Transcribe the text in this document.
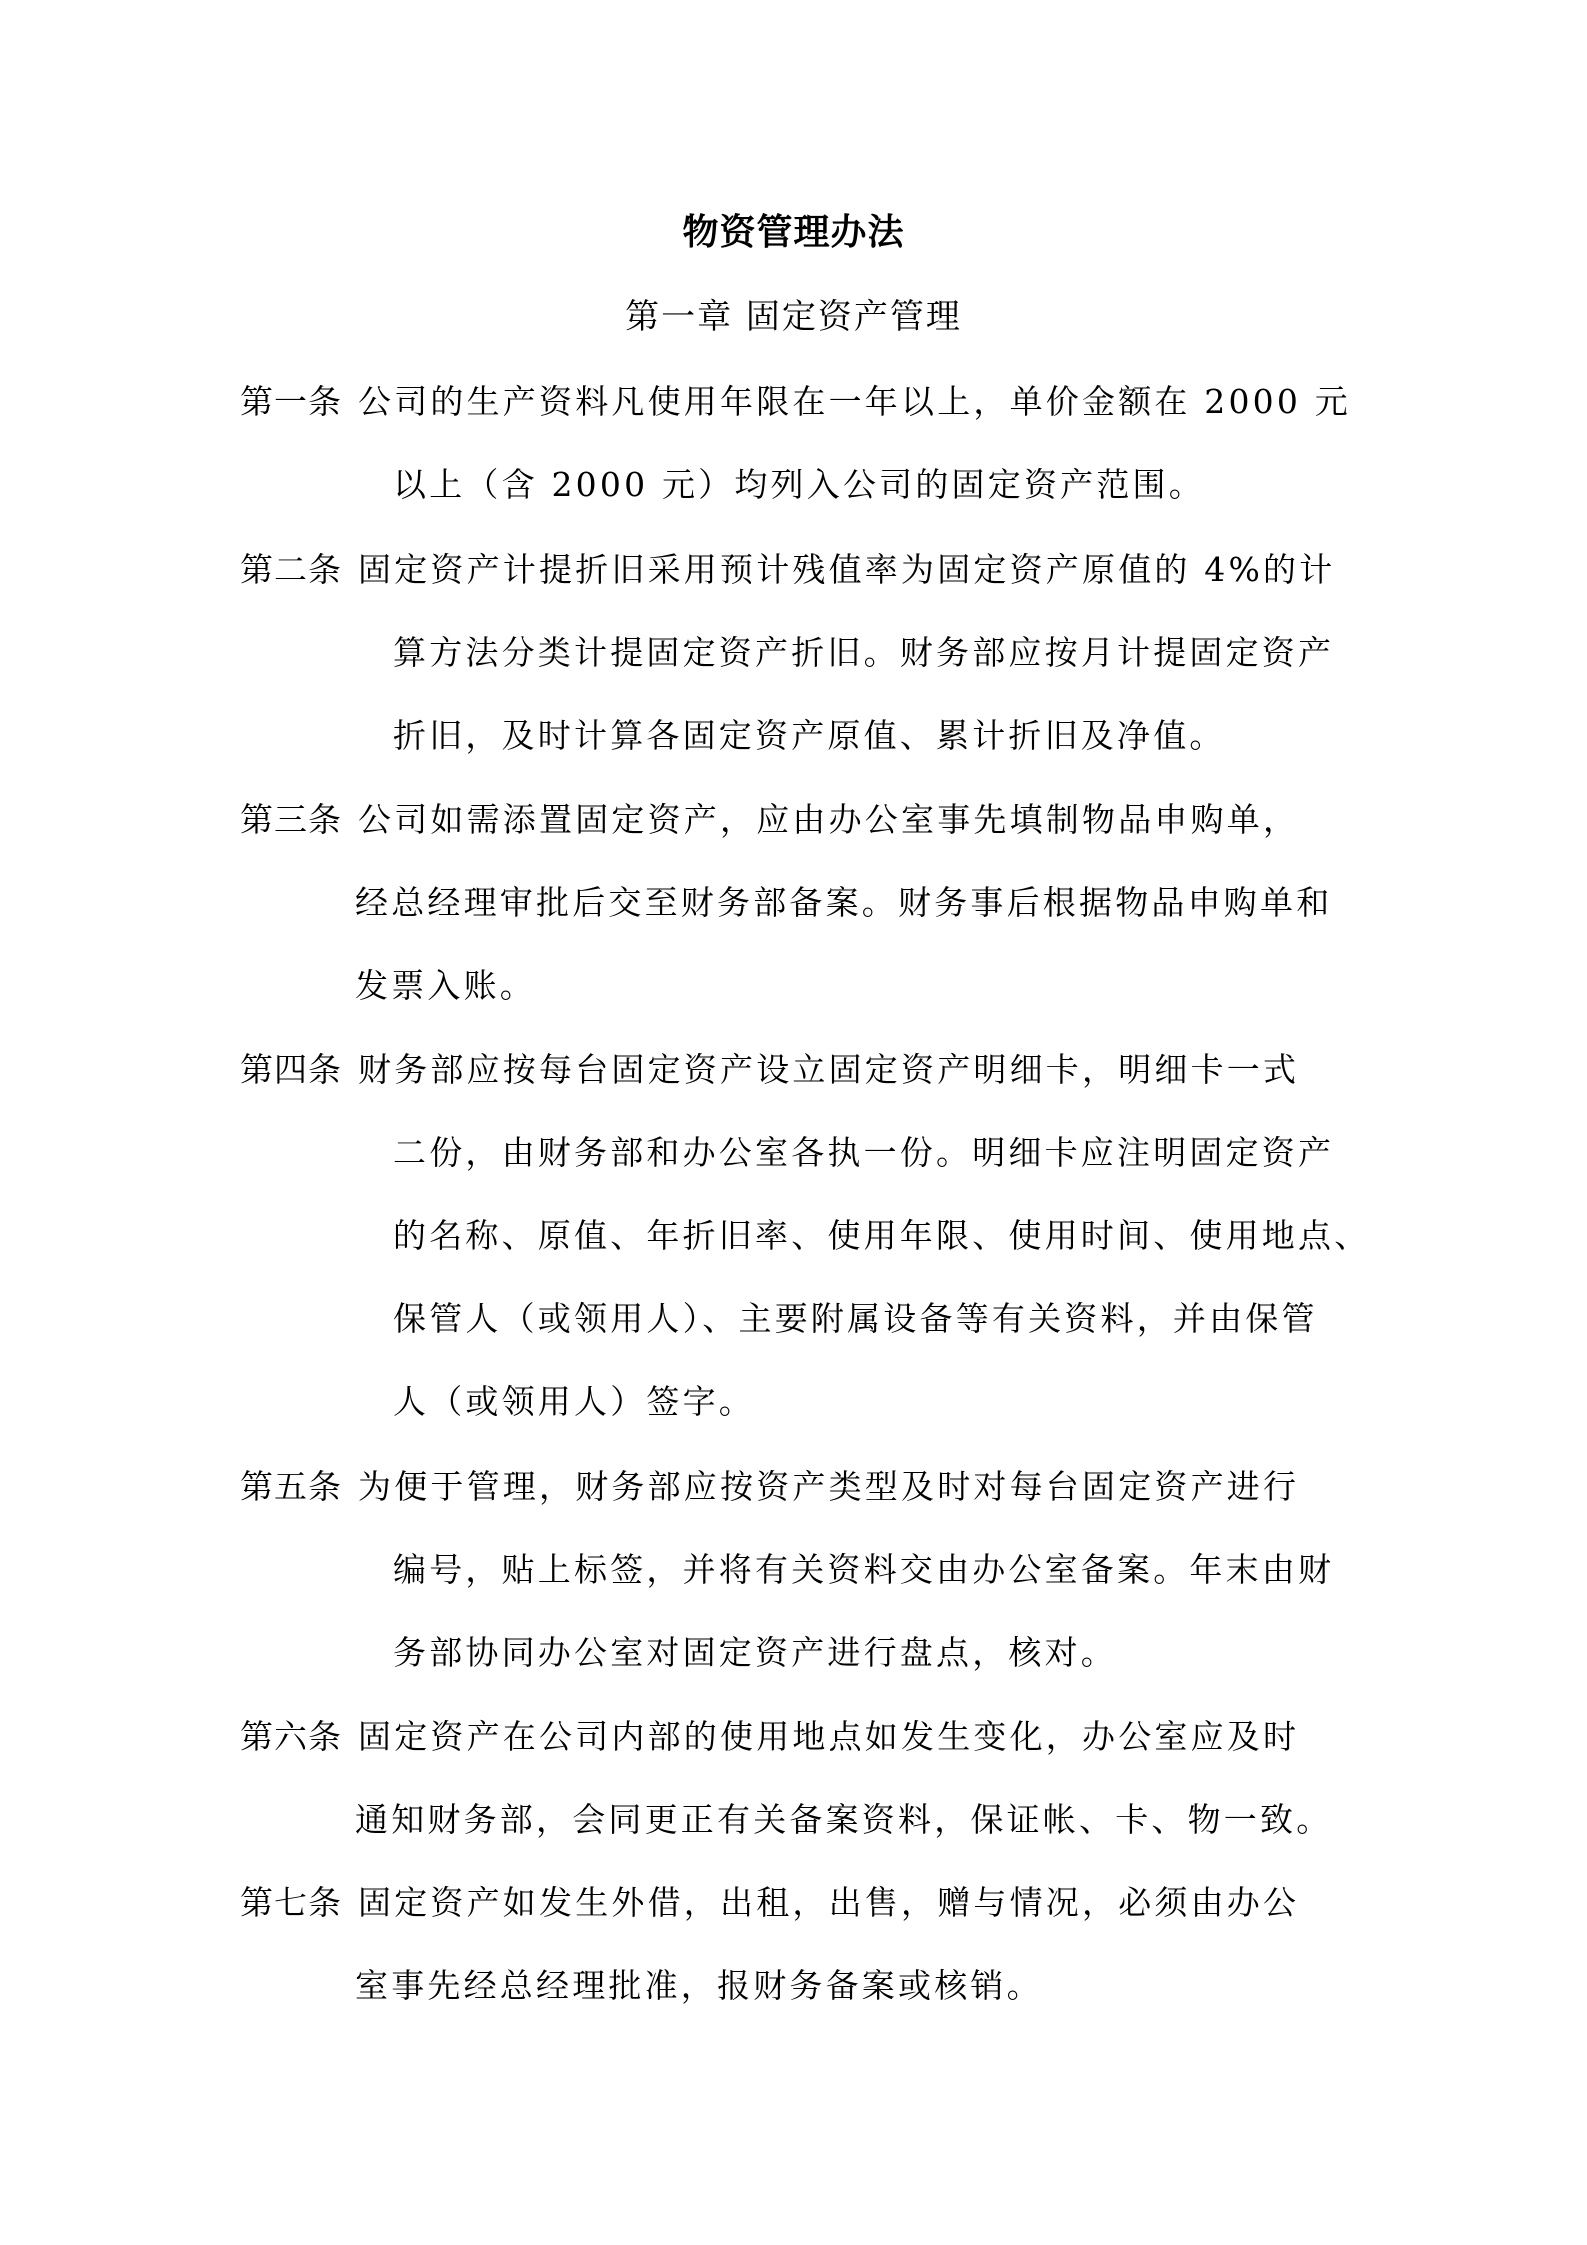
物资管理办法
第一章 固定资产管理
第一条 公司的生产资料凡使用年限在一年以上，单价金额在 2000 元
以上（含 2000 元）均列入公司的固定资产范围。
第二条 固定资产计提折旧采用预计残值率为固定资产原值的 4%的计
算方法分类计提固定资产折旧。财务部应按月计提固定资产
折旧，及时计算各固定资产原值、累计折旧及净值。
第三条 公司如需添置固定资产，应由办公室事先填制物品申购单，
经总经理审批后交至财务部备案。财务事后根据物品申购单和
发票入账。
第四条 财务部应按每台固定资产设立固定资产明细卡，明细卡一式
二份，由财务部和办公室各执一份。明细卡应注明固定资产
的名称、原值、年折旧率、使用年限、使用时间、使用地点、
保管人（或领用人）、主要附属设备等有关资料，并由保管
人（或领用人）签字。
第五条 为便于管理，财务部应按资产类型及时对每台固定资产进行
编号，贴上标签，并将有关资料交由办公室备案。年末由财
务部协同办公室对固定资产进行盘点，核对。
第六条 固定资产在公司内部的使用地点如发生变化，办公室应及时
通知财务部，会同更正有关备案资料，保证帐、卡、物一致。
第七条 固定资产如发生外借，出租，出售，赠与情况，必须由办公
室事先经总经理批准，报财务备案或核销。
